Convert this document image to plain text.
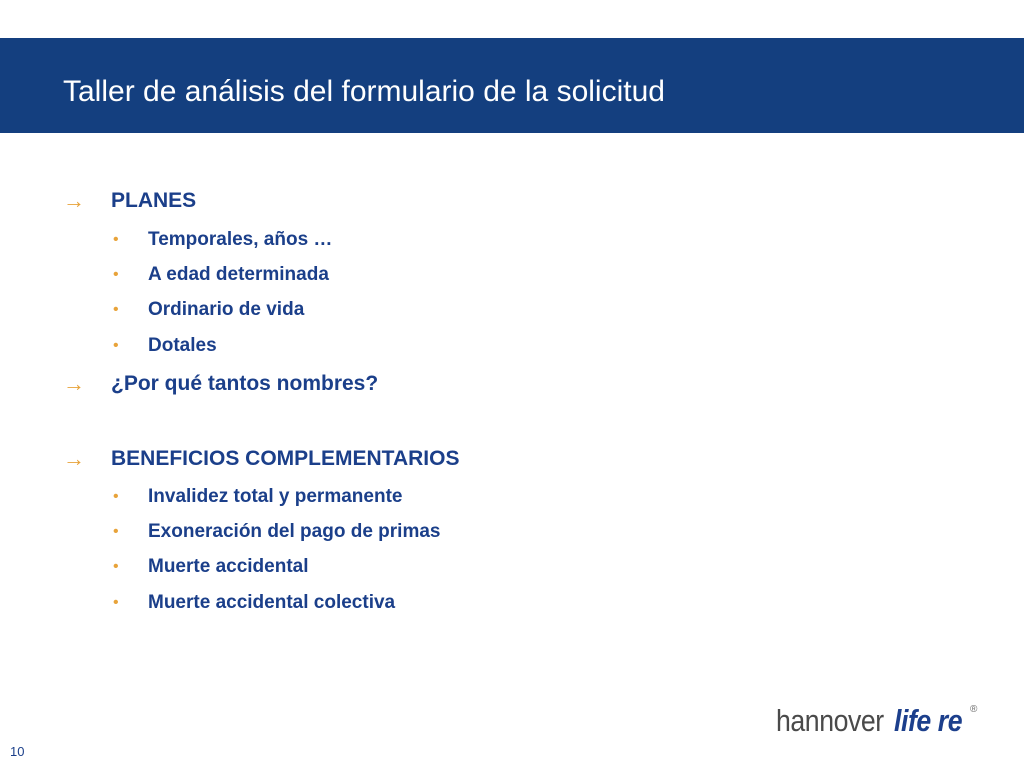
Taller de análisis del formulario de la solicitud
→ PLANES
• Temporales, años …
• A edad determinada
• Ordinario de vida
• Dotales
→ ¿Por qué tantos nombres?
→ BENEFICIOS COMPLEMENTARIOS
• Invalidez total y permanente
• Exoneración del pago de primas
• Muerte accidental
• Muerte accidental colectiva
hannover life re ®
10
